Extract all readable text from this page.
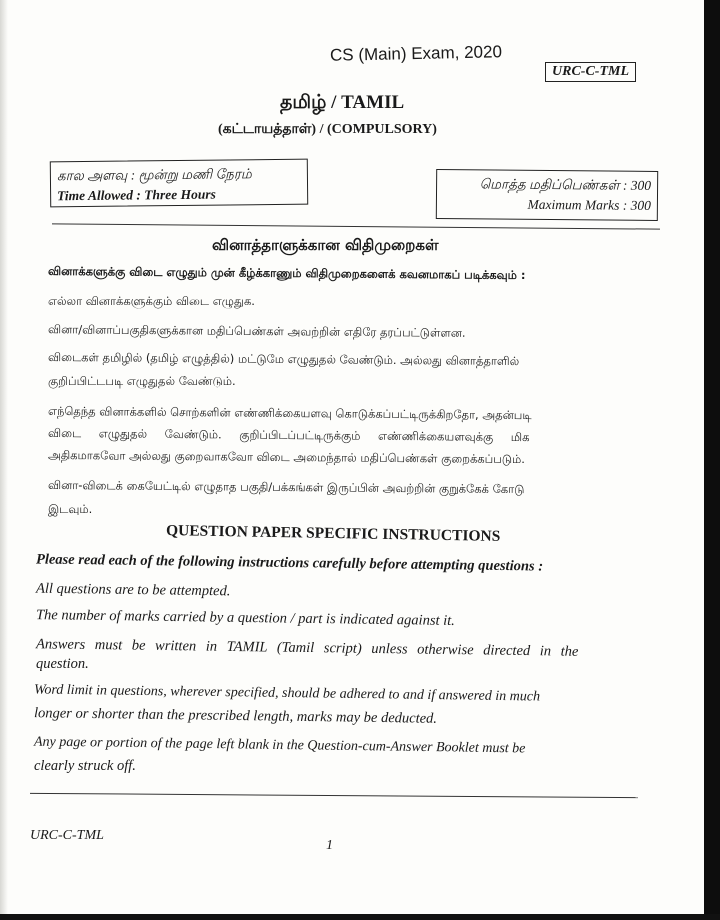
CS (Main) Exam, 2020
URC-C-TML
தமிழ் / TAMIL
(கட்டாயத்தாள்) / (COMPULSORY)
கால அளவு : மூன்று மணி நேரம்
Time Allowed : Three Hours
மொத்த மதிப்பெண்கள் : 300
Maximum Marks : 300
வினாத்தாளுக்கான விதிமுறைகள்
வினாக்களுக்கு விடை எழுதும் முன் கீழ்க்காணும் விதிமுறைகளைக் கவனமாகப் படிக்கவும் :
எல்லா வினாக்களுக்கும் விடை எழுதுக.
வினா/வினாப்பகுதிகளுக்கான மதிப்பெண்கள் அவற்றின் எதிரே தரப்பட்டுள்ளன.
விடைகள் தமிழில் (தமிழ் எழுத்தில்) மட்டுமே எழுதுதல் வேண்டும். அல்லது வினாத்தாளில்
குறிப்பிட்டபடி எழுதுதல் வேண்டும்.
எந்தெந்த வினாக்களில் சொற்களின் எண்ணிக்கையளவு கொடுக்கப்பட்டிருக்கிறதோ, அதன்படி
விடை எழுதுதல் வேண்டும். குறிப்பிடப்பட்டிருக்கும் எண்ணிக்கையளவுக்கு மிக
அதிகமாகவோ அல்லது குறைவாகவோ விடை அமைந்தால் மதிப்பெண்கள் குறைக்கப்படும்.
வினா-விடைக் கையேட்டில் எழுதாத பகுதி/பக்கங்கள் இருப்பின் அவற்றின் குறுக்கேக் கோடு
இடவும்.
QUESTION PAPER SPECIFIC INSTRUCTIONS
Please read each of the following instructions carefully before attempting questions :
All questions are to be attempted.
The number of marks carried by a question / part is indicated against it.
Answers must be written in TAMIL (Tamil script) unless otherwise directed in the
question.
Word limit in questions, wherever specified, should be adhered to and if answered in much
longer or shorter than the prescribed length, marks may be deducted.
Any page or portion of the page left blank in the Question-cum-Answer Booklet must be
clearly struck off.
URC-C-TML
1
